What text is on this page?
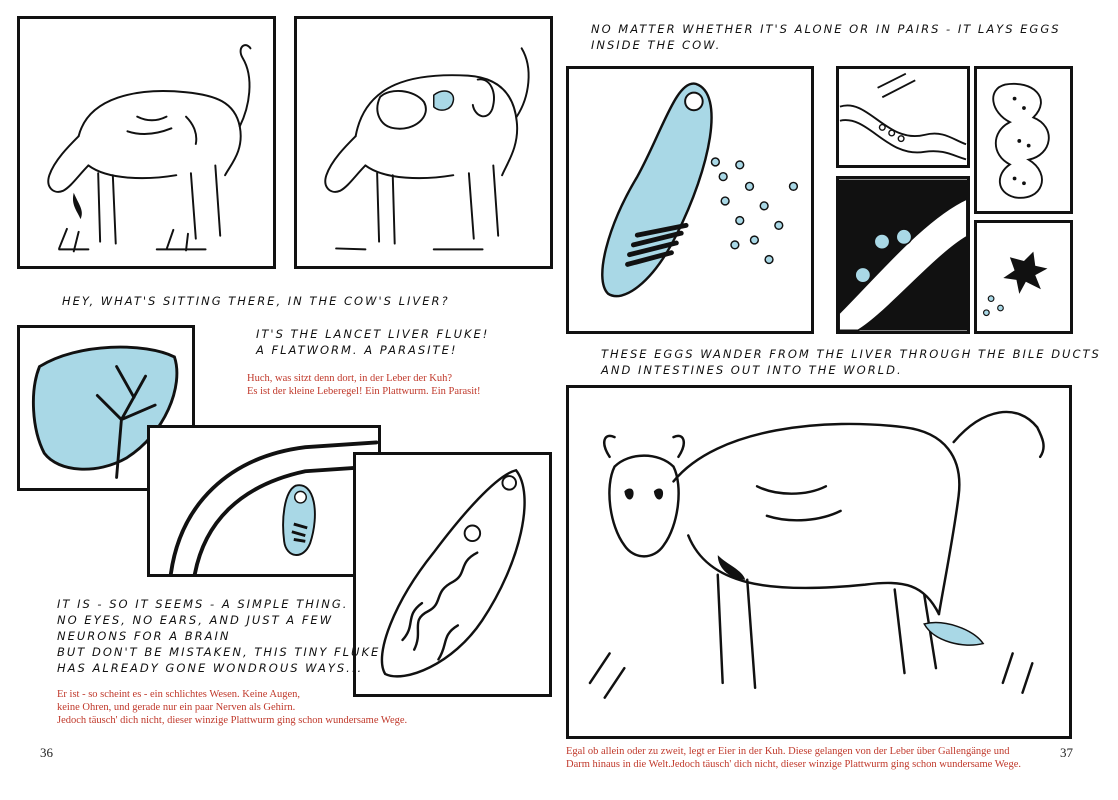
HEY, WHAT'S SITTING THERE, IN THE COW'S LIVER?
IT'S THE LANCET LIVER FLUKE!
A FLATWORM. A PARASITE!
Huch, was sitzt denn dort, in der Leber der Kuh?
Es ist der kleine Leberegel! Ein Plattwurm. Ein Parasit!
IT IS - SO IT SEEMS - A SIMPLE THING.
NO EYES, NO EARS, AND JUST A FEW
NEURONS FOR A BRAIN
BUT DON'T BE MISTAKEN, THIS TINY FLUKE
HAS ALREADY GONE WONDROUS WAYS...
Er ist - so scheint es - ein schlichtes Wesen. Keine Augen,
keine Ohren, und gerade nur ein paar Nerven als Gehirn.
Jedoch täusch' dich nicht, dieser winzige Plattwurm ging schon wundersame Wege.
36
NO MATTER WHETHER IT'S ALONE OR IN PAIRS - IT LAYS EGGS
INSIDE THE COW.
THESE EGGS WANDER FROM THE LIVER THROUGH THE BILE DUCTS
AND INTESTINES OUT INTO THE WORLD.
Egal ob allein oder zu zweit, legt er Eier in der Kuh. Diese gelangen von der Leber über Gallengänge und
Darm hinaus in die Welt.Jedoch täusch' dich nicht, dieser winzige Plattwurm ging schon wundersame Wege.
37
